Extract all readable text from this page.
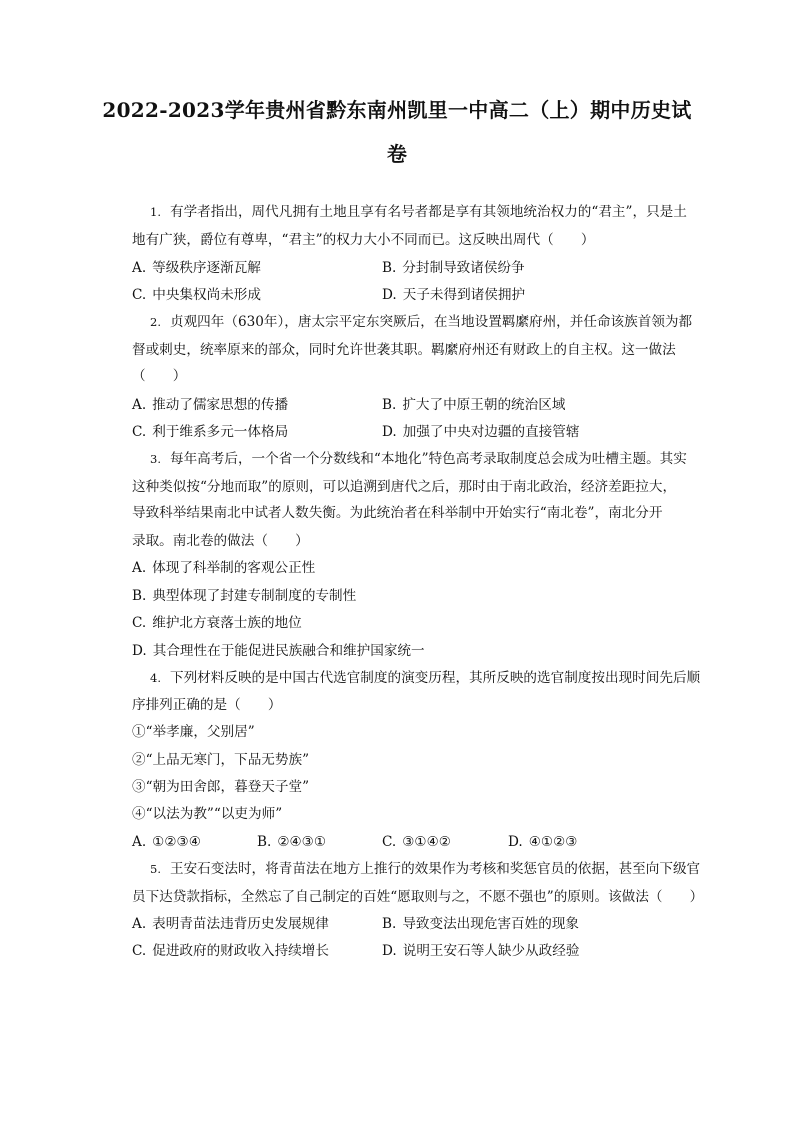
2022-2023学年贵州省黔东南州凯里一中高二（上）期中历史试
卷
1. 有学者指出，周代凡拥有土地且享有名号者都是享有其领地统治权力的“君主”，只是土
地有广狭，爵位有尊卑，“君主”的权力大小不同而已。这反映出周代（　　）
A. 等级秩序逐渐瓦解	B. 分封制导致诸侯纷争
C. 中央集权尚未形成	D. 天子未得到诸侯拥护
2. 贞观四年（630年），唐太宗平定东突厥后，在当地设置羁縻府州，并任命该族首领为都
督或刺史，统率原来的部众，同时允许世袭其职。羁縻府州还有财政上的自主权。这一做法
（　　）
A. 推动了儒家思想的传播	B. 扩大了中原王朝的统治区域
C. 利于维系多元一体格局	D. 加强了中央对边疆的直接管辖
3. 每年高考后，一个省一个分数线和“本地化”特色高考录取制度总会成为吐槽主题。其实
这种类似按“分地而取”的原则，可以追溯到唐代之后，那时由于南北政治，经济差距拉大，
导致科举结果南北中试者人数失衡。为此统治者在科举制中开始实行“南北卷”，南北分开
录取。南北卷的做法（　　）
A. 体现了科举制的客观公正性
B. 典型体现了封建专制制度的专制性
C. 维护北方衰落士族的地位
D. 其合理性在于能促进民族融合和维护国家统一
4. 下列材料反映的是中国古代选官制度的演变历程，其所反映的选官制度按出现时间先后顺
序排列正确的是（　　）
①“举孝廉，父别居”
②“上品无寒门，下品无势族”
③“朝为田舍郎，暮登天子堂”
④“以法为教”“以吏为师”
A. ①②③④	B. ②④③①	C. ③①④②	D. ④①②③
5. 王安石变法时，将青苗法在地方上推行的效果作为考核和奖惩官员的依据，甚至向下级官
员下达贷款指标，全然忘了自己制定的百姓“愿取则与之，不愿不强也”的原则。该做法（　　）
A. 表明青苗法违背历史发展规律	B. 导致变法出现危害百姓的现象
C. 促进政府的财政收入持续增长	D. 说明王安石等人缺少从政经验
